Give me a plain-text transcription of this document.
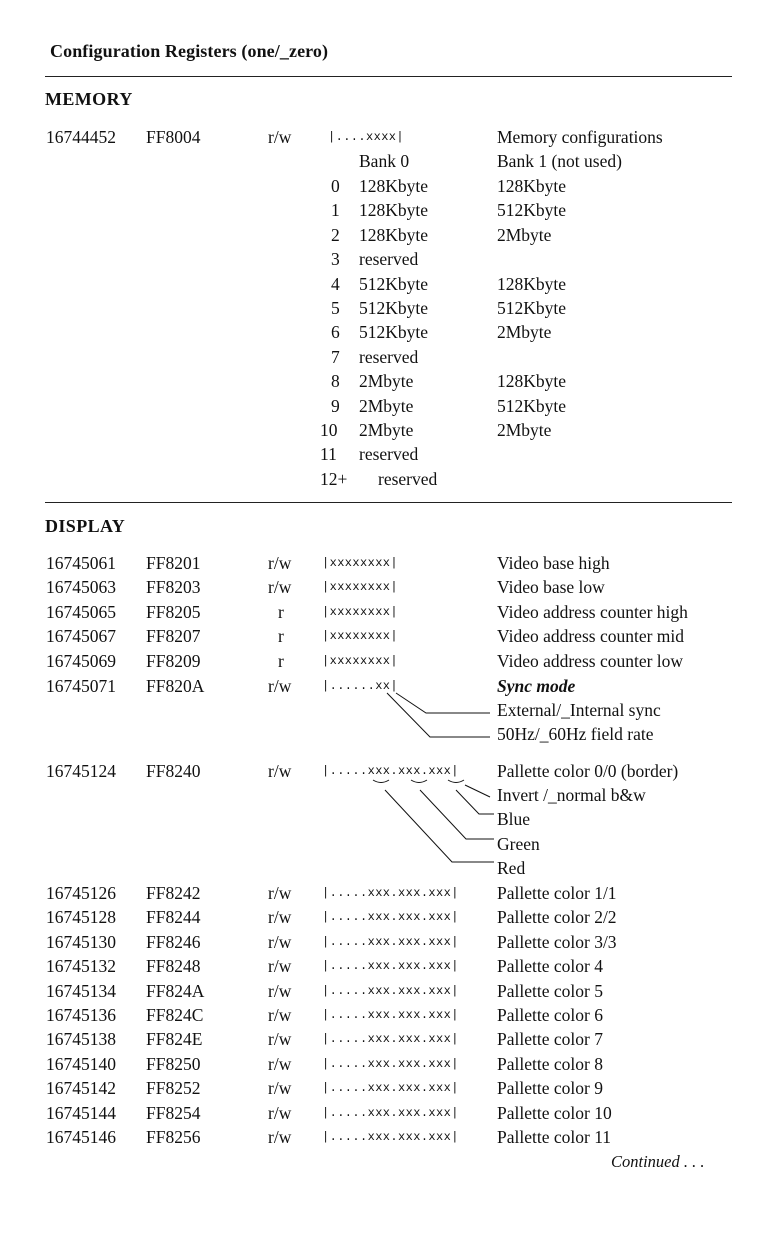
Configuration Registers (one/_zero)
MEMORY
16744452 FF8004	r/w	|....xxxx|	Memory configurations
Bank 0	Bank 1 (not used)
0 128Kbyte	128Kbyte
1 128Kbyte	512Kbyte
2 128Kbyte	2Mbyte
3 reserved
4 512Kbyte	128Kbyte
5 512Kbyte	512Kbyte
6 512Kbyte	2Mbyte
7 reserved
8 2Mbyte	128Kbyte
9 2Mbyte	512Kbyte
10 2Mbyte	2Mbyte
11 reserved
12+ reserved
DISPLAY
16745061 FF8201	r/w	|xxxxxxxx|	Video base high
16745063 FF8203	r/w	|xxxxxxxx|	Video base low
16745065 FF8205	r	|xxxxxxxx|	Video address counter high
16745067 FF8207	r	|xxxxxxxx|	Video address counter mid
16745069 FF8209	r	|xxxxxxxx|	Video address counter low
16745071 FF820A	r/w	|......xx|	Sync mode
External/_Internal sync
50Hz/_60Hz field rate
16745124 FF8240	r/w	|.....xxx.xxx.xxx| Pallette color 0/0 (border)
Invert /_normal b&w
Blue
Green
Red
16745126 FF8242	r/w	|.....xxx.xxx.xxx| Pallette color 1/1
16745128 FF8244	r/w	|.....xxx.xxx.xxx| Pallette color 2/2
16745130 FF8246	r/w	|.....xxx.xxx.xxx| Pallette color 3/3
16745132 FF8248	r/w	|.....xxx.xxx.xxx| Pallette color 4
16745134 FF824A	r/w	|.....xxx.xxx.xxx| Pallette color 5
16745136 FF824C	r/w	|.....xxx.xxx.xxx| Pallette color 6
16745138 FF824E	r/w	|.....xxx.xxx.xxx| Pallette color 7
16745140 FF8250	r/w	|.....xxx.xxx.xxx| Pallette color 8
16745142 FF8252	r/w	|.....xxx.xxx.xxx| Pallette color 9
16745144 FF8254	r/w	|.....xxx.xxx.xxx| Pallette color 10
16745146 FF8256	r/w	|.....xxx.xxx.xxx| Pallette color 11
Continued . . .
